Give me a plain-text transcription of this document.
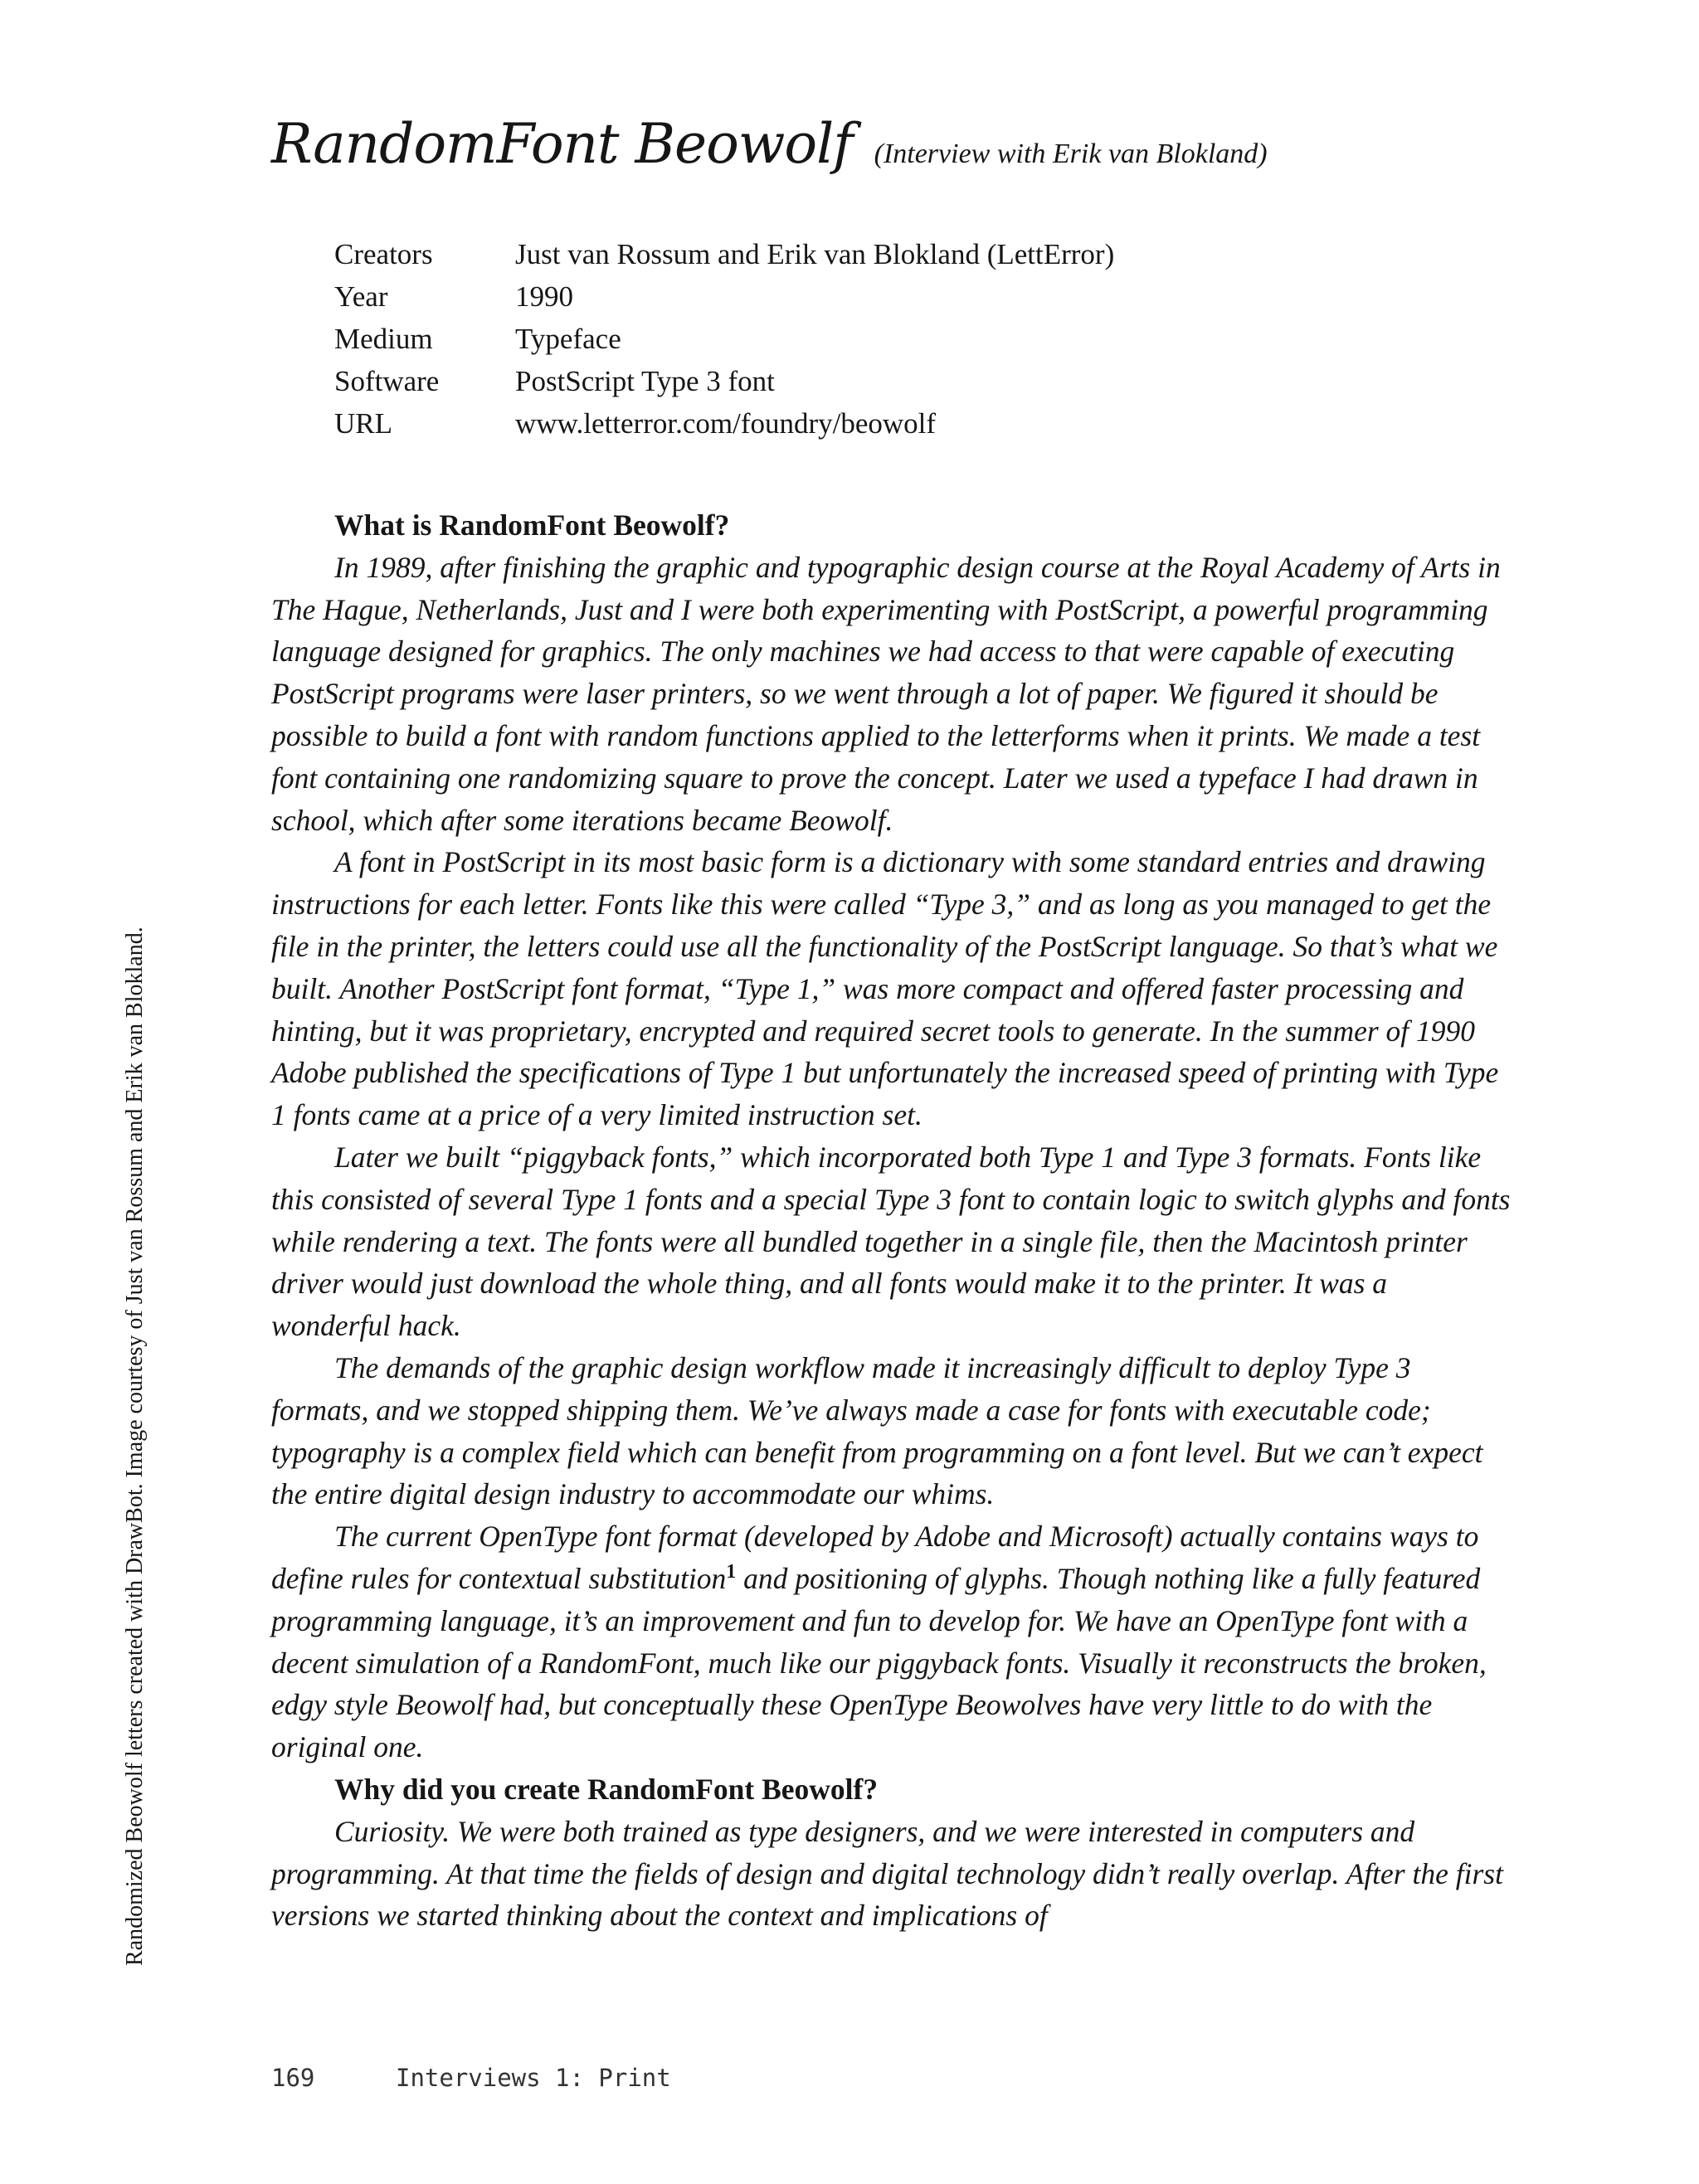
RandomFont Beowolf (Interview with Erik van Blokland)
Creators	Just van Rossum and Erik van Blokland (LettError)
Year	1990
Medium	Typeface
Software	PostScript Type 3 font
URL	www.letterror.com/foundry/beowolf

What is RandomFont Beowolf?

In 1989, after finishing the graphic and typographic design course at the Royal Academy of Arts in The Hague, Netherlands, Just and I were both experimenting with PostScript, a powerful programming language designed for graphics. The only machines we had access to that were capable of executing PostScript programs were laser printers, so we went through a lot of paper. We figured it should be possible to build a font with random functions applied to the letterforms when it prints. We made a test font containing one randomizing square to prove the concept. Later we used a typeface I had drawn in school, which after some iterations became Beowolf.

A font in PostScript in its most basic form is a dictionary with some standard entries and drawing instructions for each letter. Fonts like this were called “Type 3,” and as long as you managed to get the file in the printer, the letters could use all the functionality of the PostScript language. So that’s what we built. Another PostScript font format, “Type 1,” was more compact and offered faster processing and hinting, but it was proprietary, encrypted and required secret tools to generate. In the summer of 1990 Adobe published the specifications of Type 1 but unfortunately the increased speed of printing with Type 1 fonts came at a price of a very limited instruction set.

Later we built “piggyback fonts,” which incorporated both Type 1 and Type 3 formats. Fonts like this consisted of several Type 1 fonts and a special Type 3 font to contain logic to switch glyphs and fonts while rendering a text. The fonts were all bundled together in a single file, then the Macintosh printer driver would just download the whole thing, and all fonts would make it to the printer. It was a wonderful hack.

The demands of the graphic design workflow made it increasingly difficult to deploy Type 3 formats, and we stopped shipping them. We’ve always made a case for fonts with executable code; typography is a complex field which can benefit from programming on a font level. But we can’t expect the entire digital design industry to accommodate our whims.

The current OpenType font format (developed by Adobe and Microsoft) actually contains ways to define rules for contextual substitution$^1$ and positioning of glyphs. Though nothing like a fully featured programming language, it’s an improvement and fun to develop for. We have an OpenType font with a decent simulation of a RandomFont, much like our piggyback fonts. Visually it reconstructs the broken, edgy style Beowolf had, but conceptually these OpenType Beowolves have very little to do with the original one.

Why did you create RandomFont Beowolf?

Curiosity. We were both trained as type designers, and we were interested in computers and programming. At that time the fields of design and digital technology didn’t really overlap. After the first versions we started thinking about the context and implications of

Randomized Beowolf letters created with DrawBot. Image courtesy of Just van Rossum and Erik van Blokland.
169	Interviews 1: Print
